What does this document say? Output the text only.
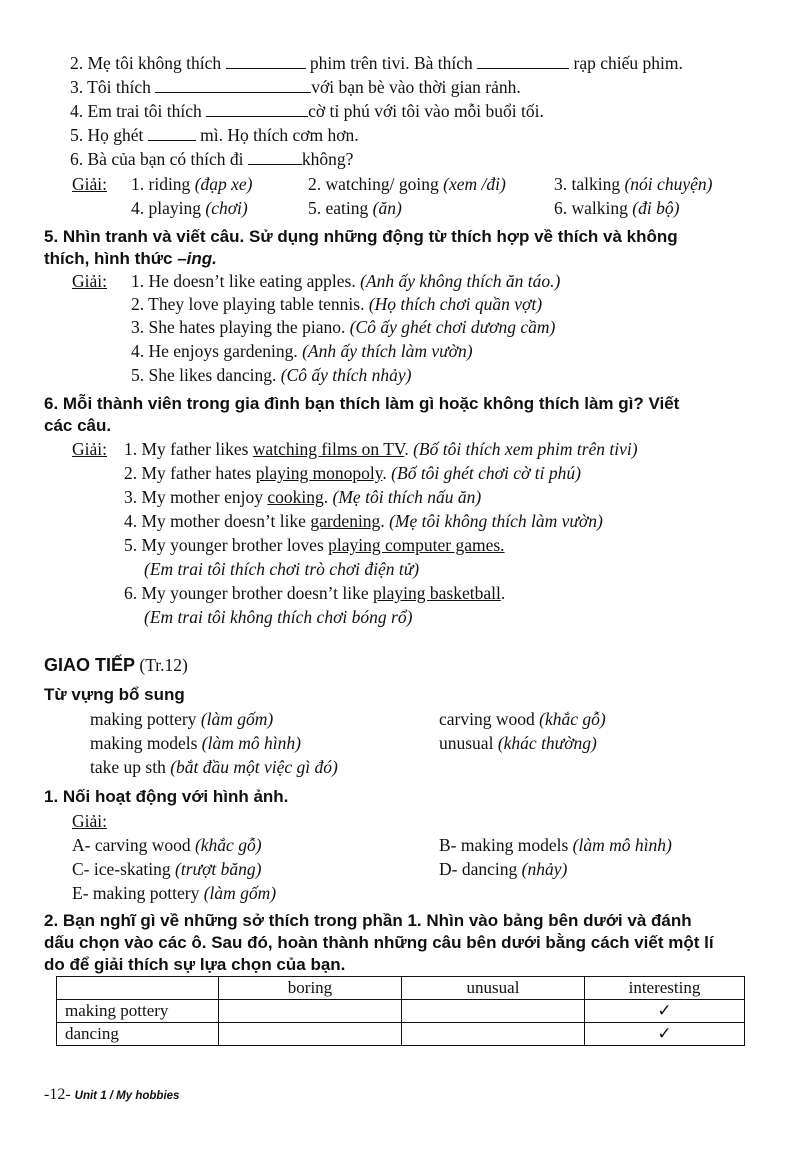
2. Mẹ tôi không thích	phim trên tivi. Bà thích	rạp chiếu phim.
3. Tôi thích	với bạn bè vào thời gian rảnh.
4. Em trai tôi thích	cờ tỉ phú với tôi vào mỗi buổi tối.
5. Họ ghét	mì. Họ thích cơm hơn.
6. Bà của bạn có thích đi	không?
Giải: 1. riding (đạp xe)	2. watching/ going (xem /đi)	3. talking (nói chuyện)
4. playing (chơi)	5. eating (ăn)	6. walking (đi bộ)
5. Nhìn tranh và viết câu. Sử dụng những động từ thích hợp về thích và không
thích, hình thức –ing.
Giải: 1. He doesn’t like eating apples. (Anh ấy không thích ăn táo.)
2. They love playing table tennis. (Họ thích chơi quần vợt)
3. She hates playing the piano. (Cô ấy ghét chơi dương cầm)
4. He enjoys gardening. (Anh ấy thích làm vườn)
5. She likes dancing. (Cô ấy thích nhảy)
6. Mỗi thành viên trong gia đình bạn thích làm gì hoặc không thích làm gì? Viết
các câu.
Giải: 1. My father likes watching films on TV. (Bố tôi thích xem phim trên tivi)
2. My father hates playing monopoly. (Bố tôi ghét chơi cờ tỉ phú)
3. My mother enjoy cooking. (Mẹ tôi thích nấu ăn)
4. My mother doesn’t like gardening. (Mẹ tôi không thích làm vườn)
5. My younger brother loves playing computer games.
(Em trai tôi thích chơi trò chơi điện tử)
6. My younger brother doesn’t like playing basketball.
(Em trai tôi không thích chơi bóng rổ)
GIAO TIẾP (Tr.12)
Từ vựng bổ sung
making pottery (làm gốm)	carving wood (khắc gỗ)
making models (làm mô hình)	unusual (khác thường)
take up sth (bắt đầu một việc gì đó)
1. Nối hoạt động với hình ảnh.
Giải:
A- carving wood (khắc gỗ)	B- making models (làm mô hình)
C- ice-skating (trượt băng)	D- dancing (nhảy)
E- making pottery (làm gốm)
2. Bạn nghĩ gì về những sở thích trong phần 1. Nhìn vào bảng bên dưới và đánh
dấu chọn vào các ô. Sau đó, hoàn thành những câu bên dưới bằng cách viết một lí
do để giải thích sự lựa chọn của bạn.
	boring	unusual	interesting
making pottery			✓
dancing			✓
-12- Unit 1 / My hobbies
